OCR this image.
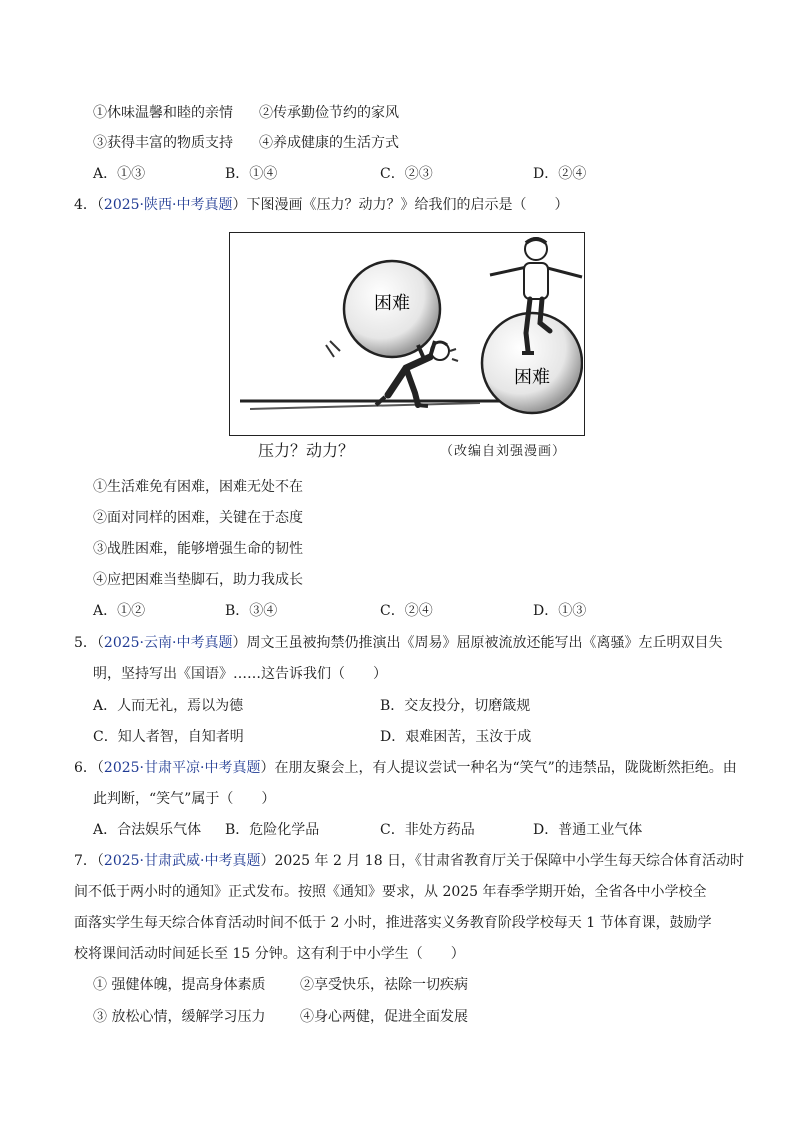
①休味温馨和睦的亲情 ②传承勤俭节约的家风
③获得丰富的物质支持 ④养成健康的生活方式
A．①③	B．①④	C．②③	D．②④
4．（2025·陕西·中考真题）下图漫画《压力？动力？》给我们的启示是（　　）
困难
困难
压力？动力？	（改编自刘强漫画）
①生活难免有困难，困难无处不在
②面对同样的困难，关键在于态度
③战胜困难，能够增强生命的韧性
④应把困难当垫脚石，助力我成长
A．①②	B．③④	C．②④	D．①③
5．（2025·云南·中考真题）周文王虽被拘禁仍推演出《周易》屈原被流放还能写出《离骚》左丘明双目失
明，坚持写出《国语》……这告诉我们（　　）
A．人而无礼，焉以为德	B．交友投分，切磨箴规
C．知人者智，自知者明	D．艰难困苦，玉汝于成
6．（2025·甘肃平凉·中考真题）在朋友聚会上，有人提议尝试一种名为“笑气”的违禁品，陇陇断然拒绝。由
此判断，“笑气”属于（　　）
A．合法娱乐气体 B．危险化学品	C．非处方药品	D．普通工业气体
7．（2025·甘肃武威·中考真题）2025 年 2 月 18 日，《甘肃省教育厅关于保障中小学生每天综合体育活动时
间不低于两小时的通知》正式发布。按照《通知》要求，从 2025 年春季学期开始，全省各中小学校全
面落实学生每天综合体育活动时间不低于 2 小时，推进落实义务教育阶段学校每天 1 节体育课，鼓励学
校将课间活动时间延长至 15 分钟。这有利于中小学生（　　）
① 强健体魄，提高身体素质 ②享受快乐，祛除一切疾病
③ 放松心情，缓解学习压力 ④身心两健，促进全面发展
